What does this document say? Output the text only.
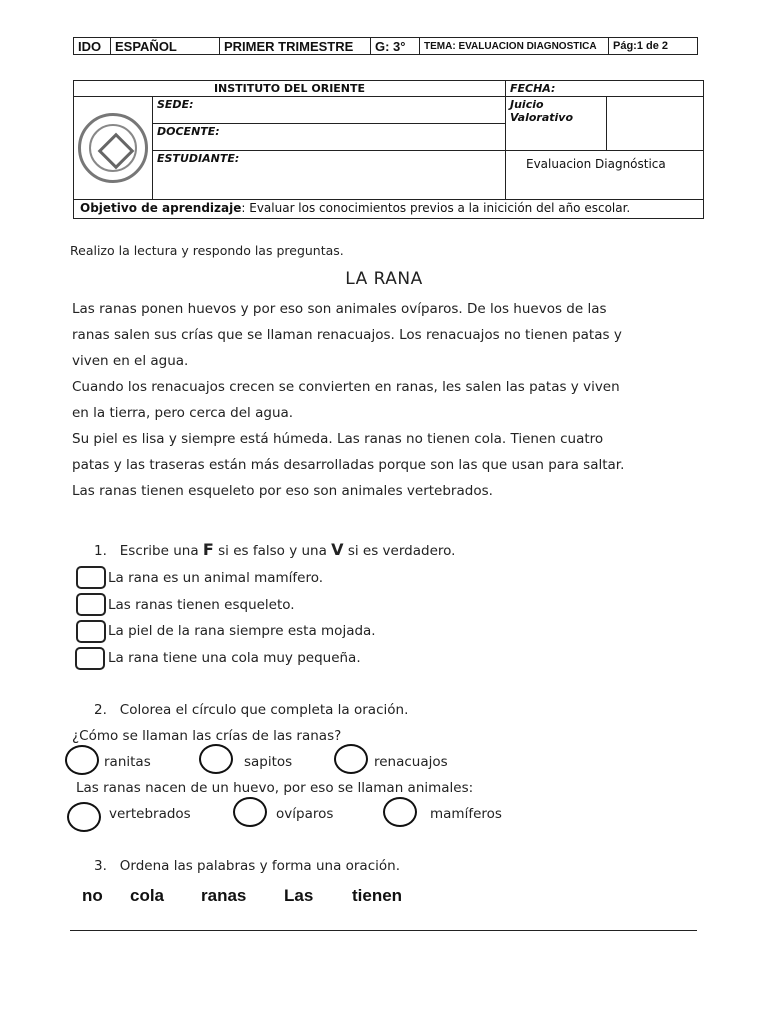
IDO	ESPAÑOL	PRIMER TRIMESTRE	G: 3°	TEMA: EVALUACION DIAGNOSTICA	Pág:1 de 2
INSTITUTO DEL ORIENTE		FECHA:	

	SEDE:	Juicio Valorativo	
	DOCENTE:		
	ESTUDIANTE:	Evaluacion Diagnóstica	
Objetivo de aprendizaje: Evaluar los conocimientos previos a la inicición del año escolar.			
Realizo la lectura y respondo las preguntas.
LA RANA
Las ranas ponen huevos y por eso son animales ovíparos. De los huevos de las
ranas salen sus crías que se llaman renacuajos. Los renacuajos no tienen patas y
viven en el agua.
Cuando los renacuajos crecen se convierten en ranas, les salen las patas y viven
en la tierra, pero cerca del agua.
Su piel es lisa y siempre está húmeda. Las ranas no tienen cola. Tienen cuatro
patas y las traseras están más desarrolladas porque son las que usan para saltar.
Las ranas tienen esqueleto por eso son animales vertebrados.
1. Escribe una F si es falso y una V si es verdadero.
La rana es un animal mamífero.
Las ranas tienen esqueleto.
La piel de la rana siempre esta mojada.
La rana tiene una cola muy pequeña.
2. Colorea el círculo que completa la oración.
¿Cómo se llaman las crías de las ranas?
ranitas	sapitos	renacuajos
Las ranas nacen de un huevo, por eso se llaman animales:
vertebrados	ovíparos	mamíferos
3. Ordena las palabras y forma una oración.
no cola ranas Las tienen
